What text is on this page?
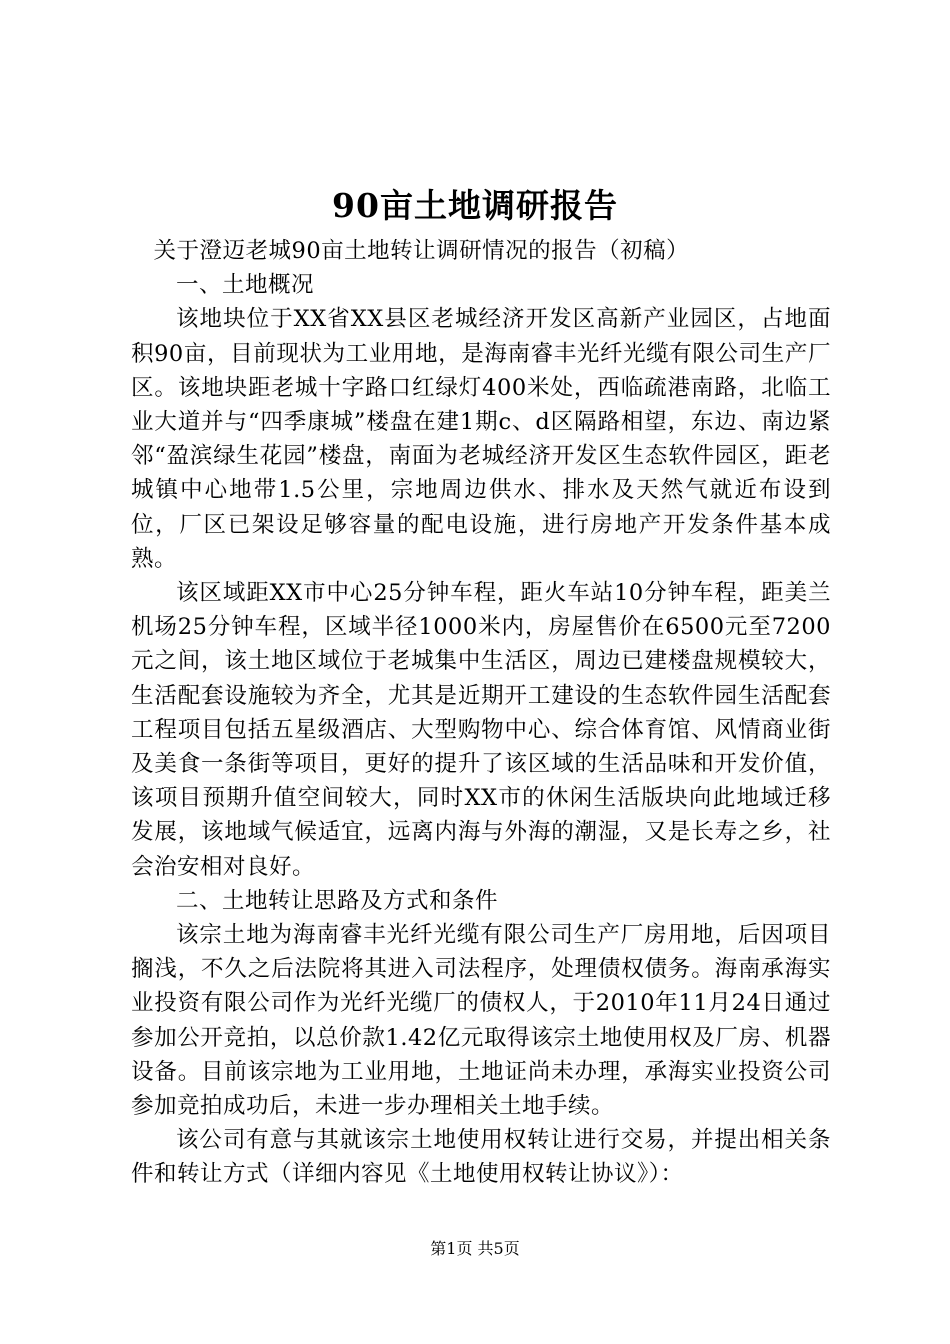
90亩土地调研报告

关于澄迈老城90亩土地转让调研情况的报告（初稿）

一、土地概况

该地块位于XX省XX县区老城经济开发区高新产业园区，占地面积90亩，目前现状为工业用地，是海南睿丰光纤光缆有限公司生产厂区。该地块距老城十字路口红绿灯400米处，西临疏港南路，北临工业大道并与“四季康城”楼盘在建1期c、d区隔路相望，东边、南边紧邻“盈滨绿生花园”楼盘，南面为老城经济开发区生态软件园区，距老城镇中心地带1.5公里，宗地周边供水、排水及天然气就近布设到位，厂区已架设足够容量的配电设施，进行房地产开发条件基本成熟。

该区域距XX市中心25分钟车程，距火车站10分钟车程，距美兰机场25分钟车程，区域半径1000米内，房屋售价在6500元至7200元之间，该土地区域位于老城集中生活区，周边已建楼盘规模较大，生活配套设施较为齐全，尤其是近期开工建设的生态软件园生活配套工程项目包括五星级酒店、大型购物中心、综合体育馆、风情商业街及美食一条街等项目，更好的提升了该区域的生活品味和开发价值，该项目预期升值空间较大，同时XX市的休闲生活版块向此地域迁移发展，该地域气候适宜，远离内海与外海的潮湿，又是长寿之乡，社会治安相对良好。

二、土地转让思路及方式和条件

该宗土地为海南睿丰光纤光缆有限公司生产厂房用地，后因项目搁浅，不久之后法院将其进入司法程序，处理债权债务。海南承海实业投资有限公司作为光纤光缆厂的债权人，于2010年11月24日通过参加公开竞拍，以总价款1.42亿元取得该宗土地使用权及厂房、机器设备。目前该宗地为工业用地，土地证尚未办理，承海实业投资公司参加竞拍成功后，未进一步办理相关土地手续。

该公司有意与其就该宗土地使用权转让进行交易，并提出相关条件和转让方式（详细内容见《土地使用权转让协议》）：

第1页 共5页
